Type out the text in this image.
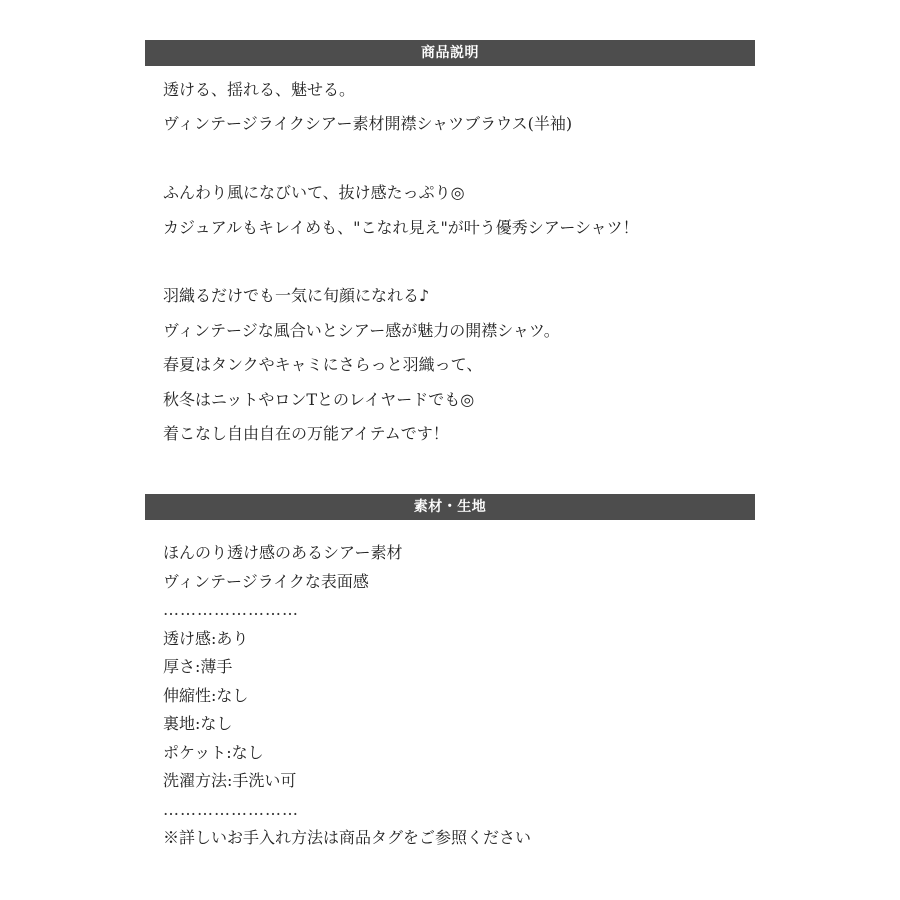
商品説明
透ける、揺れる、魅せる。
ヴィンテージライクシアー素材開襟シャツブラウス(半袖)
ふんわり風になびいて、抜け感たっぷり◎
カジュアルもキレイめも、"こなれ見え"が叶う優秀シアーシャツ！
羽織るだけでも一気に旬顔になれる♪
ヴィンテージな風合いとシアー感が魅力の開襟シャツ。
春夏はタンクやキャミにさらっと羽織って、
秋冬はニットやロンTとのレイヤードでも◎
着こなし自由自在の万能アイテムです！
素材・生地
ほんのり透け感のあるシアー素材
ヴィンテージライクな表面感
……………………
透け感:あり
厚さ:薄手
伸縮性:なし
裏地:なし
ポケット:なし
洗濯方法:手洗い可
……………………
※詳しいお手入れ方法は商品タグをご参照ください
